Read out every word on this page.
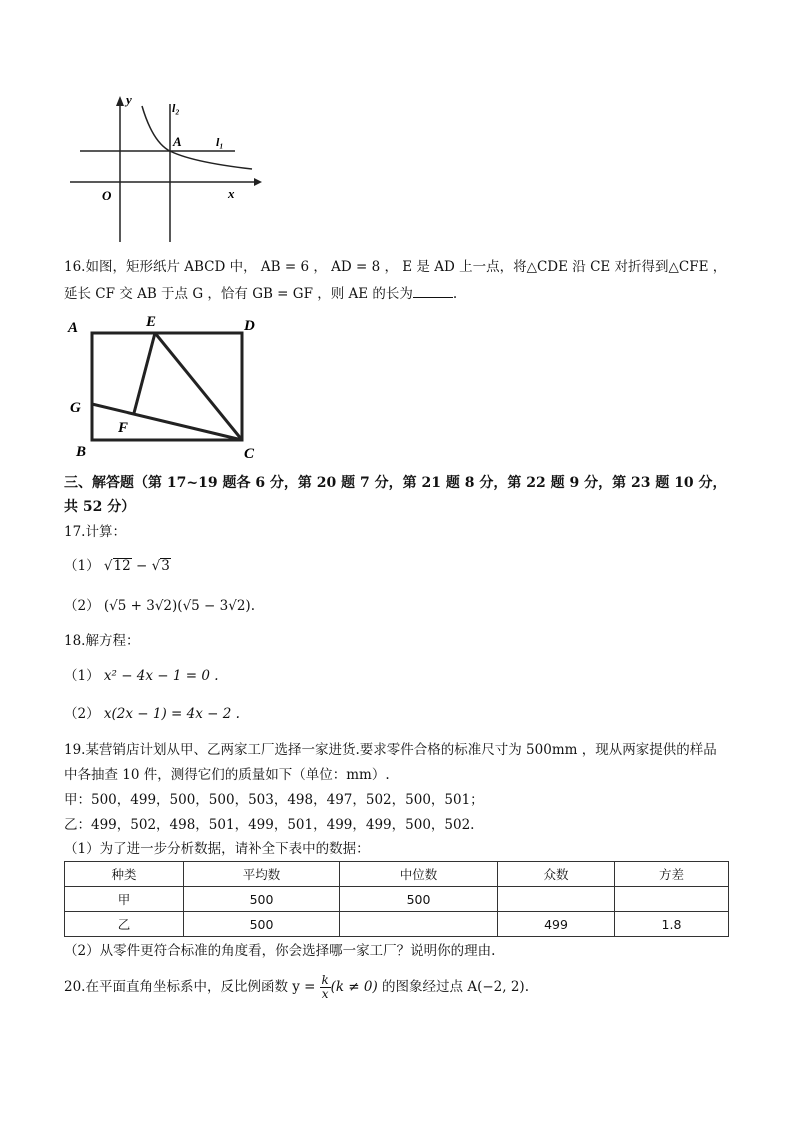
y
x
O
l₂
l₁
A
16.如图，矩形纸片 ABCD 中， AB = 6 ， AD = 8 ， E 是 AD 上一点，将△CDE 沿 CE 对折得到△CFE ，
延长 CF 交 AB 于点 G ，恰有 GB = GF ，则 AE 的长为	.
A	E	D
G
F
B	C
三、解答题（第 17~19 题各 6 分，第 20 题 7 分，第 21 题 8 分，第 22 题 9 分，第 23 题 10 分，
共 52 分）
17.计算：
（1） √12 − √3
（2） (√5 + 3√2)(√5 − 3√2).
18.解方程：
（1） x² − 4x − 1 = 0 .
（2） x(2x − 1) = 4x − 2 .
19.某营销店计划从甲、乙两家工厂选择一家进货.要求零件合格的标准尺寸为 500mm ，现从两家提供的样品
中各抽查 10 件，测得它们的质量如下（单位：mm）.
甲：500，499，500，500，503，498，497，502，500，501；
乙：499，502，498，501，499，501，499，499，500，502.
（1）为了进一步分析数据，请补全下表中的数据：
种类	平均数	中位数	众数	方差
甲	500	500		
乙	500		499	1.8
（2）从零件更符合标准的角度看，你会选择哪一家工厂？说明你的理由.
20.在平面直角坐标系中，反比例函数 $y = \frac{k}{x} (k \ne 0)$ 的图象经过点 A(−2, 2).
